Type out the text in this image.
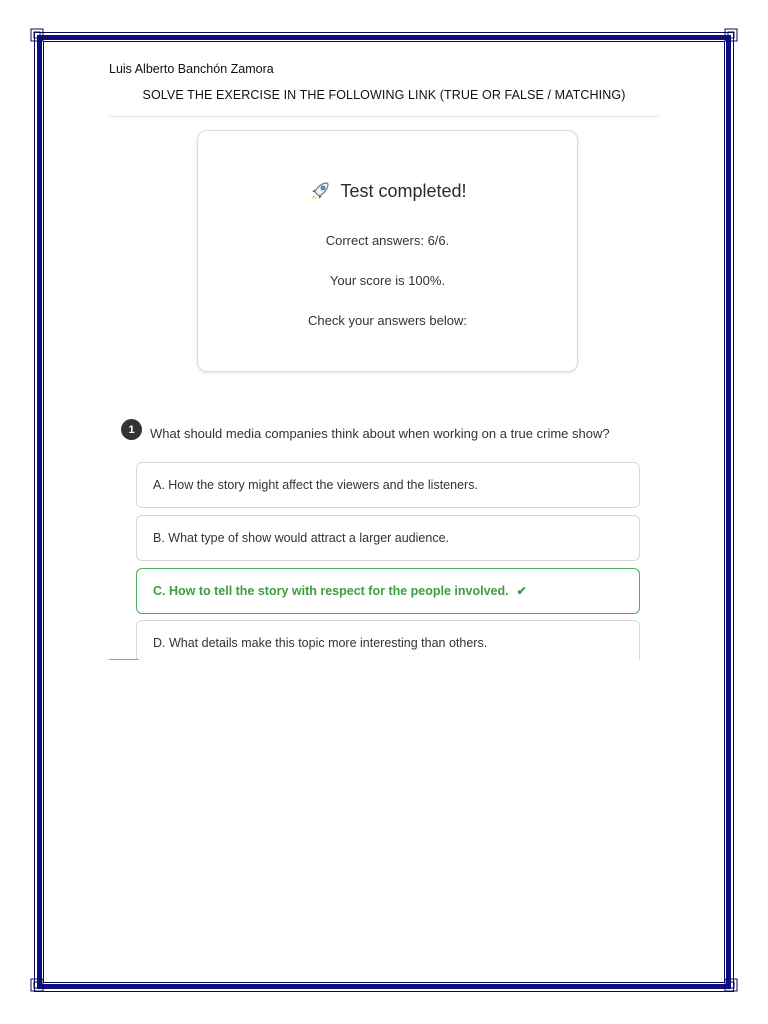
Luis Alberto Banchón Zamora
SOLVE THE EXERCISE IN THE FOLLOWING LINK (TRUE OR FALSE / MATCHING)
Test completed!
Correct answers: 6/6.
Your score is 100%.
Check your answers below:
1	What should media companies think about when working on a true crime show?
A. How the story might affect the viewers and the listeners.
B. What type of show would attract a larger audience.
C. How to tell the story with respect for the people involved. ✔
D. What details make this topic more interesting than others.
